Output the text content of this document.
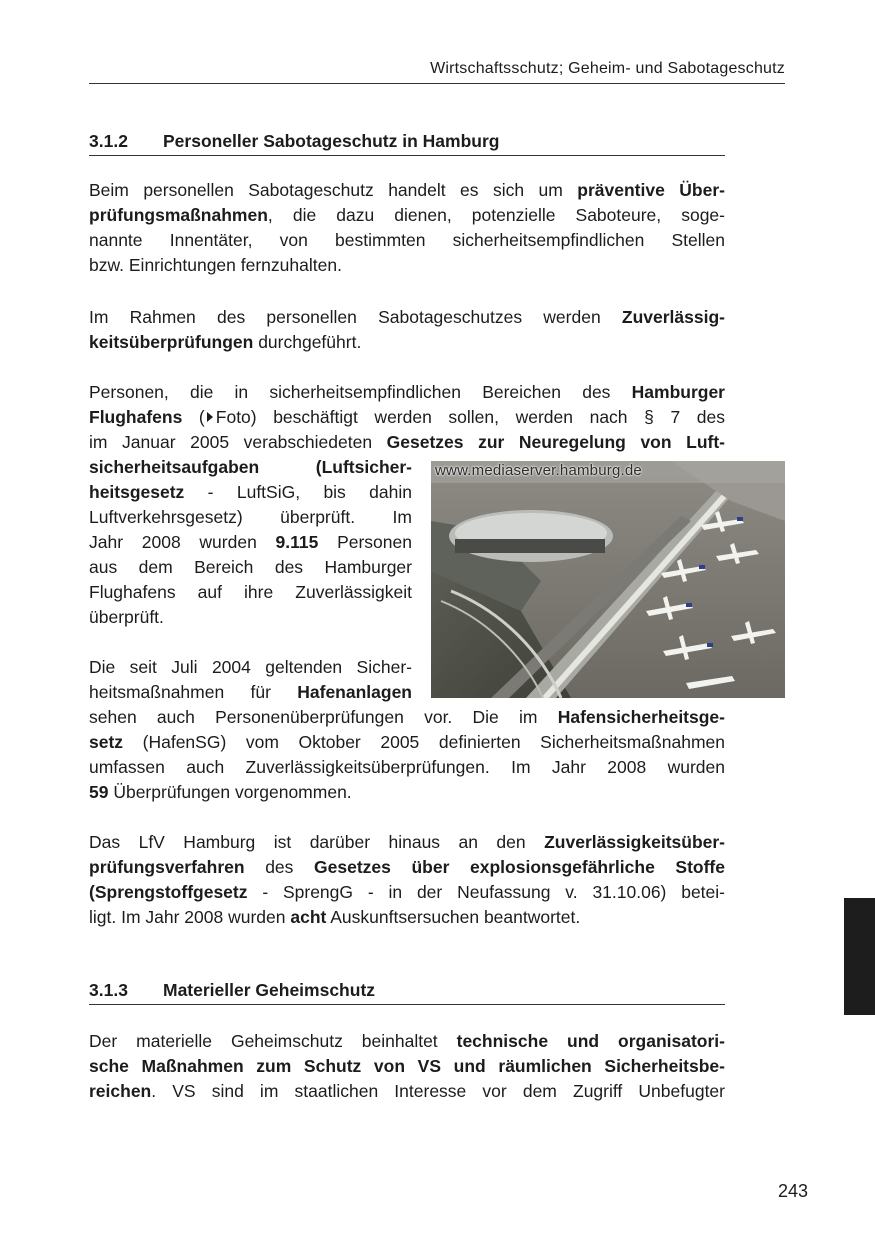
Wirtschaftsschutz; Geheim- und Sabotageschutz
3.1.2 Personeller Sabotageschutz in Hamburg
Beim personellen Sabotageschutz handelt es sich um präventive Über-
prüfungsmaßnahmen, die dazu dienen, potenzielle Saboteure, soge-
nannte Innentäter, von bestimmten sicherheitsempfindlichen Stellen
bzw. Einrichtungen fernzuhalten.
Im Rahmen des personellen Sabotageschutzes werden Zuverlässig-
keitsüberprüfungen durchgeführt.
Personen, die in sicherheitsempfindlichen Bereichen des Hamburger
Flughafens ( Foto) beschäftigt werden sollen, werden nach § 7 des
im Januar 2005 verabschiedeten Gesetzes zur Neuregelung von Luft-
sicherheitsaufgaben	(Luftsicher-
heitsgesetz - LuftSiG, bis dahin
Luftverkehrsgesetz) überprüft. Im
Jahr 2008 wurden 9.115 Personen
aus dem Bereich des Hamburger
Flughafens auf ihre Zuverlässigkeit
überprüft.
www.mediaserver.hamburg.de
Die seit Juli 2004 geltenden Sicher-
heitsmaßnahmen für Hafenanlagen
sehen auch Personenüberprüfungen vor. Die im Hafensicherheitsge-
setz (HafenSG) vom Oktober 2005 definierten Sicherheitsmaßnahmen
umfassen auch Zuverlässigkeitsüberprüfungen. Im Jahr 2008 wurden
59 Überprüfungen vorgenommen.
Das LfV Hamburg ist darüber hinaus an den Zuverlässigkeitsüber-
prüfungsverfahren des Gesetzes über explosionsgefährliche Stoffe
(Sprengstoffgesetz - SprengG - in der Neufassung v. 31.10.06) betei-
ligt. Im Jahr 2008 wurden acht Auskunftsersuchen beantwortet.
3.1.3 Materieller Geheimschutz
Der materielle Geheimschutz beinhaltet technische und organisatori-
sche Maßnahmen zum Schutz von VS und räumlichen Sicherheitsbe-
reichen. VS sind im staatlichen Interesse vor dem Zugriff Unbefugter
243
